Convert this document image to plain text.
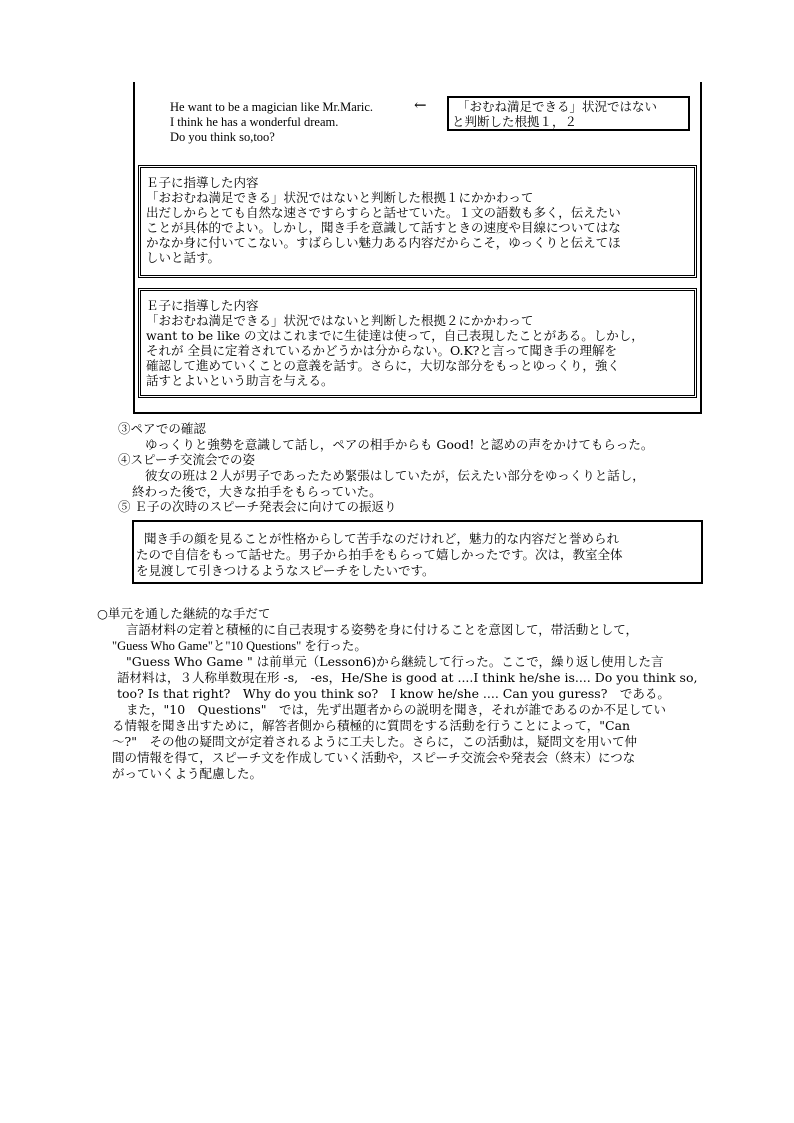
He want to be a magician like Mr.Maric.
I think he has a wonderful dream.
Do you think so,too?
← 「おむね満足できる」状況ではない
と判断した根拠１，２
Ｅ子に指導した内容
「おおむね満足できる」状況ではないと判断した根拠１にかかわって
出だしからとても自然な速さですらすらと話せていた。１文の語数も多く，伝えたい
ことが具体的でよい。しかし，聞き手を意識して話すときの速度や目線についてはな
かなか身に付いてこない。すばらしい魅力ある内容だからこそ，ゆっくりと伝えてほ
しいと話す。
Ｅ子に指導した内容
「おおむね満足できる」状況ではないと判断した根拠２にかかわって
want to be like の文はこれまでに生徒達は使って，自己表現したことがある。しかし，
それが 全員に定着されているかどうかは分からない。O.K?と言って聞き手の理解を
確認して進めていくことの意義を話す。さらに，大切な部分をもっとゆっくり，強く
話すとよいという助言を与える。
③ペアでの確認
ゆっくりと強勢を意識して話し，ペアの相手からも Good! と認めの声をかけてもらった。
④スピーチ交流会での姿
彼女の班は２人が男子であったため緊張はしていたが，伝えたい部分をゆっくりと話し，
終わった後で，大きな拍手をもらっていた。
⑤ Ｅ子の次時のスピーチ発表会に向けての振返り
聞き手の顔を見ることが性格からして苦手なのだけれど，魅力的な内容だと誉められ
たので自信をもって話せた。男子から拍手をもらって嬉しかったです。次は，教室全体
を見渡して引きつけるようなスピーチをしたいです。
○単元を通した継続的な手だて
言語材料の定着と積極的に自己表現する姿勢を身に付けることを意図して，帯活動として，
"Guess Who Game"と"10 Questions" を行った。
"Guess Who Game " は前単元（Lesson6)から継続して行った。ここで，繰り返し使用した言
語材料は，３人称単数現在形 -s,　-es，He/She is good at ....I think he/she is.... Do you think so,
too? Is that right?　Why do you think so?　I know he/she .... Can you guress?　である。
また，"10　Questions"　では，先ず出題者からの説明を聞き，それが誰であるのか不足してい
る情報を聞き出すために，解答者側から積極的に質問をする活動を行うことによって，"Can
～?"　その他の疑問文が定着されるように工夫した。さらに，この活動は，疑問文を用いて仲
間の情報を得て，スピーチ文を作成していく活動や，スピーチ交流会や発表会（終末）につな
がっていくよう配慮した。
